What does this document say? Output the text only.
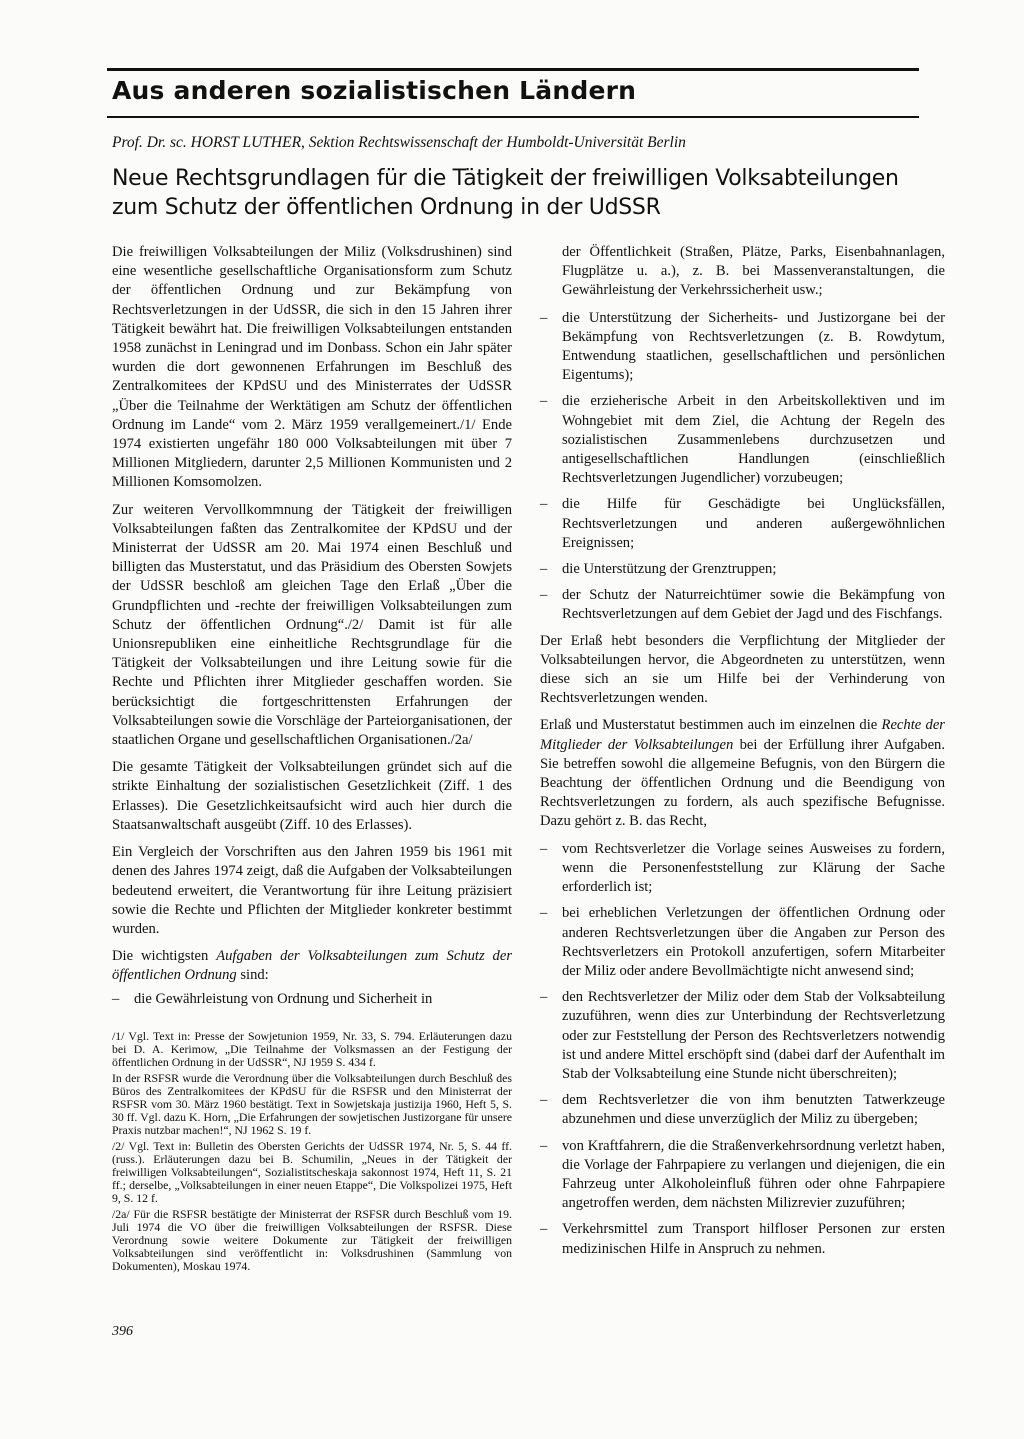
Aus anderen sozialistischen Ländern
Prof. Dr. sc. HORST LUTHER, Sektion Rechtswissenschaft der Humboldt-Universität Berlin
Neue Rechtsgrundlagen für die Tätigkeit der freiwilligen Volksabteilungen
zum Schutz der öffentlichen Ordnung in der UdSSR

Die freiwilligen Volksabteilungen der Miliz (Volksdrushinen) sind eine wesentliche gesellschaftliche Organisationsform zum Schutz der öffentlichen Ordnung und zur Bekämpfung von Rechtsverletzungen in der UdSSR, die sich in den 15 Jahren ihrer Tätigkeit bewährt hat. Die freiwilligen Volksabteilungen entstanden 1958 zunächst in Leningrad und im Donbass. Schon ein Jahr später wurden die dort gewonnenen Erfahrungen im Beschluß des Zentralkomitees der KPdSU und des Ministerrates der UdSSR „Über die Teilnahme der Werktätigen am Schutz der öffentlichen Ordnung im Lande“ vom 2. März 1959 verallgemeinert./1/ Ende 1974 existierten ungefähr 180 000 Volksabteilungen mit über 7 Millionen Mitgliedern, darunter 2,5 Millionen Kommunisten und 2 Millionen Komsomolzen.

Zur weiteren Vervollkommnung der Tätigkeit der freiwilligen Volksabteilungen faßten das Zentralkomitee der KPdSU und der Ministerrat der UdSSR am 20. Mai 1974 einen Beschluß und billigten das Musterstatut, und das Präsidium des Obersten Sowjets der UdSSR beschloß am gleichen Tage den Erlaß „Über die Grundpflichten und -rechte der freiwilligen Volksabteilungen zum Schutz der öffentlichen Ordnung“./2/ Damit ist für alle Unionsrepubliken eine einheitliche Rechtsgrundlage für die Tätigkeit der Volksabteilungen und ihre Leitung sowie für die Rechte und Pflichten ihrer Mitglieder geschaffen worden. Sie berücksichtigt die fortgeschrittensten Erfahrungen der Volksabteilungen sowie die Vorschläge der Parteiorganisationen, der staatlichen Organe und gesellschaftlichen Organisationen./2a/

Die gesamte Tätigkeit der Volksabteilungen gründet sich auf die strikte Einhaltung der sozialistischen Gesetzlichkeit (Ziff. 1 des Erlasses). Die Gesetzlichkeitsaufsicht wird auch hier durch die Staatsanwaltschaft ausgeübt (Ziff. 10 des Erlasses).

Ein Vergleich der Vorschriften aus den Jahren 1959 bis 1961 mit denen des Jahres 1974 zeigt, daß die Aufgaben der Volksabteilungen bedeutend erweitert, die Verantwortung für ihre Leitung präzisiert sowie die Rechte und Pflichten der Mitglieder konkreter bestimmt wurden.

Die wichtigsten Aufgaben der Volksabteilungen zum Schutz der öffentlichen Ordnung sind:

–	die Gewährleistung von Ordnung und Sicherheit in

/1/ Vgl. Text in: Presse der Sowjetunion 1959, Nr. 33, S. 794. Erläuterungen dazu bei D. A. Kerimow, „Die Teilnahme der Volksmassen an der Festigung der öffentlichen Ordnung in der UdSSR“, NJ 1959 S. 434 f.

In der RSFSR wurde die Verordnung über die Volksabteilungen durch Beschluß des Büros des Zentralkomitees der KPdSU für die RSFSR und den Ministerrat der RSFSR vom 30. März 1960 bestätigt. Text in Sowjetskaja justizija 1960, Heft 5, S. 30 ff. Vgl. dazu K. Horn, „Die Erfahrungen der sowjetischen Justizorgane für unsere Praxis nutzbar machen!“, NJ 1962 S. 19 f.

/2/ Vgl. Text in: Bulletin des Obersten Gerichts der UdSSR 1974, Nr. 5, S. 44 ff. (russ.). Erläuterungen dazu bei B. Schumilin, „Neues in der Tätigkeit der freiwilligen Volksabteilungen“, Sozialistitscheskaja sakonnost 1974, Heft 11, S. 21 ff.; derselbe, „Volksabteilungen in einer neuen Etappe“, Die Volkspolizei 1975, Heft 9, S. 12 f.

/2a/ Für die RSFSR bestätigte der Ministerrat der RSFSR durch Beschluß vom 19. Juli 1974 die VO über die freiwilligen Volksabteilungen der RSFSR. Diese Verordnung sowie weitere Dokumente zur Tätigkeit der freiwilligen Volksabteilungen sind veröffentlicht in: Volksdrushinen (Sammlung von Dokumenten), Moskau 1974.

396

der Öffentlichkeit (Straßen, Plätze, Parks, Eisenbahnanlagen, Flugplätze u. a.), z. B. bei Massenveranstaltungen, die Gewährleistung der Verkehrssicherheit usw.;

–	die Unterstützung der Sicherheits- und Justizorgane bei der Bekämpfung von Rechtsverletzungen (z. B. Rowdytum, Entwendung staatlichen, gesellschaftlichen und persönlichen Eigentums);
–	die erzieherische Arbeit in den Arbeitskollektiven und im Wohngebiet mit dem Ziel, die Achtung der Regeln des sozialistischen Zusammenlebens durchzusetzen und antigesellschaftlichen Handlungen (einschließlich Rechtsverletzungen Jugendlicher) vorzubeugen;
–	die Hilfe für Geschädigte bei Unglücksfällen, Rechtsverletzungen und anderen außergewöhnlichen Ereignissen;
–	die Unterstützung der Grenztruppen;
–	der Schutz der Naturreichtümer sowie die Bekämpfung von Rechtsverletzungen auf dem Gebiet der Jagd und des Fischfangs.

Der Erlaß hebt besonders die Verpflichtung der Mitglieder der Volksabteilungen hervor, die Abgeordneten zu unterstützen, wenn diese sich an sie um Hilfe bei der Verhinderung von Rechtsverletzungen wenden.

Erlaß und Musterstatut bestimmen auch im einzelnen die Rechte der Mitglieder der Volksabteilungen bei der Erfüllung ihrer Aufgaben. Sie betreffen sowohl die allgemeine Befugnis, von den Bürgern die Beachtung der öffentlichen Ordnung und die Beendigung von Rechtsverletzungen zu fordern, als auch spezifische Befugnisse. Dazu gehört z. B. das Recht,

–	vom Rechtsverletzer die Vorlage seines Ausweises zu fordern, wenn die Personenfeststellung zur Klärung der Sache erforderlich ist;
–	bei erheblichen Verletzungen der öffentlichen Ordnung oder anderen Rechtsverletzungen über die Angaben zur Person des Rechtsverletzers ein Protokoll anzufertigen, sofern Mitarbeiter der Miliz oder andere Bevollmächtigte nicht anwesend sind;
–	den Rechtsverletzer der Miliz oder dem Stab der Volksabteilung zuzuführen, wenn dies zur Unterbindung der Rechtsverletzung oder zur Feststellung der Person des Rechtsverletzers notwendig ist und andere Mittel erschöpft sind (dabei darf der Aufenthalt im Stab der Volksabteilung eine Stunde nicht überschreiten);
–	dem Rechtsverletzer die von ihm benutzten Tatwerkzeuge abzunehmen und diese unverzüglich der Miliz zu übergeben;
–	von Kraftfahrern, die die Straßenverkehrsordnung verletzt haben, die Vorlage der Fahrpapiere zu verlangen und diejenigen, die ein Fahrzeug unter Alkoholeinfluß führen oder ohne Fahrpapiere angetroffen werden, dem nächsten Milizrevier zuzuführen;
–	Verkehrsmittel zum Transport hilfloser Personen zur ersten medizinischen Hilfe in Anspruch zu nehmen.
